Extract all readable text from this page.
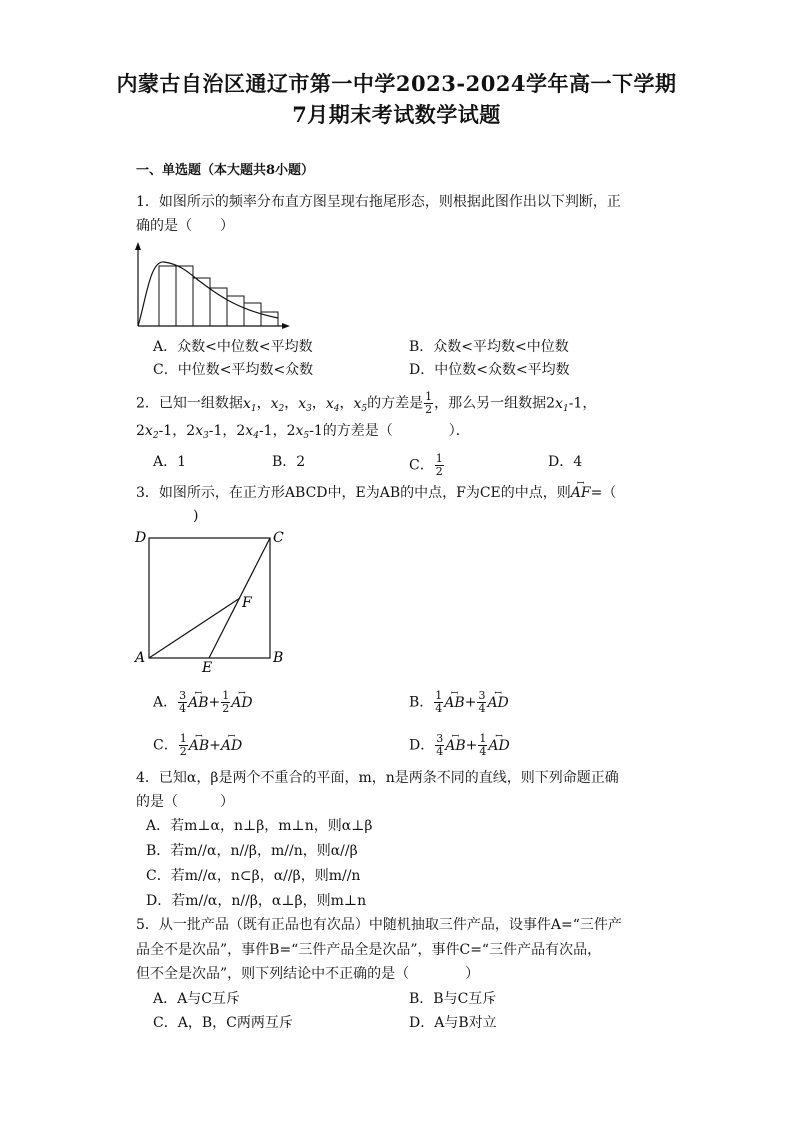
内蒙古自治区通辽市第一中学2023-2024学年高一下学期
7月期末考试数学试题
一、单选题（本大题共8小题）
1．如图所示的频率分布直方图呈现右拖尾形态，则根据此图作出以下判断，正
确的是（　　）
A．众数<中位数<平均数	B．众数<平均数<中位数
C．中位数<平均数<众数	D．中位数<众数<平均数
2．已知一组数据$x_1$，$x_2$，$x_3$，$x_4$，$x_5$的方差是 $\frac{1}{2}$ ，那么另一组数据$2x_1-1$，
$2x_2-1$，$2x_3-1$，$2x_4-1$，$2x_5-1$的方差是（　　　　）．
A．1	B．2	C． $\frac{1}{2}$	D．4
3．如图所示，在正方形ABCD中，E为AB的中点，F为CE的中点，则ꟷ AF=（
)
D	C
A	B
E
F
A． $\frac{3}{4}$ ꟷ $AB+ \frac{1}{2}$ ꟷ AD	B． $\frac{1}{4}$ ꟷ $AB+ \frac{3}{4}$ ꟷ AD
C． $\frac{1}{2}$ ꟷ AB+ꟷ AD	D． $\frac{3}{4}$ ꟷ $AB+ \frac{1}{4}$ ꟷ AD
4．已知α，β是两个不重合的平面，m，n是两条不同的直线，则下列命题正确
的是（　　　）
A．若m⊥α，n⊥β，m⊥n，则α⊥β
B．若m//α，n//β，m//n，则α//β
C．若m//α，n⊂β，α//β，则m//n
D．若m//α，n//β，α⊥β，则m⊥n
5．从一批产品（既有正品也有次品）中随机抽取三件产品，设事件A=“三件产
品全不是次品”，事件B=“三件产品全是次品”，事件C=“三件产品有次品，
但不全是次品”，则下列结论中不正确的是（　　　　）
A．A与C互斥	B．B与C互斥
C．A，B，C两两互斥	D．A与B对立
